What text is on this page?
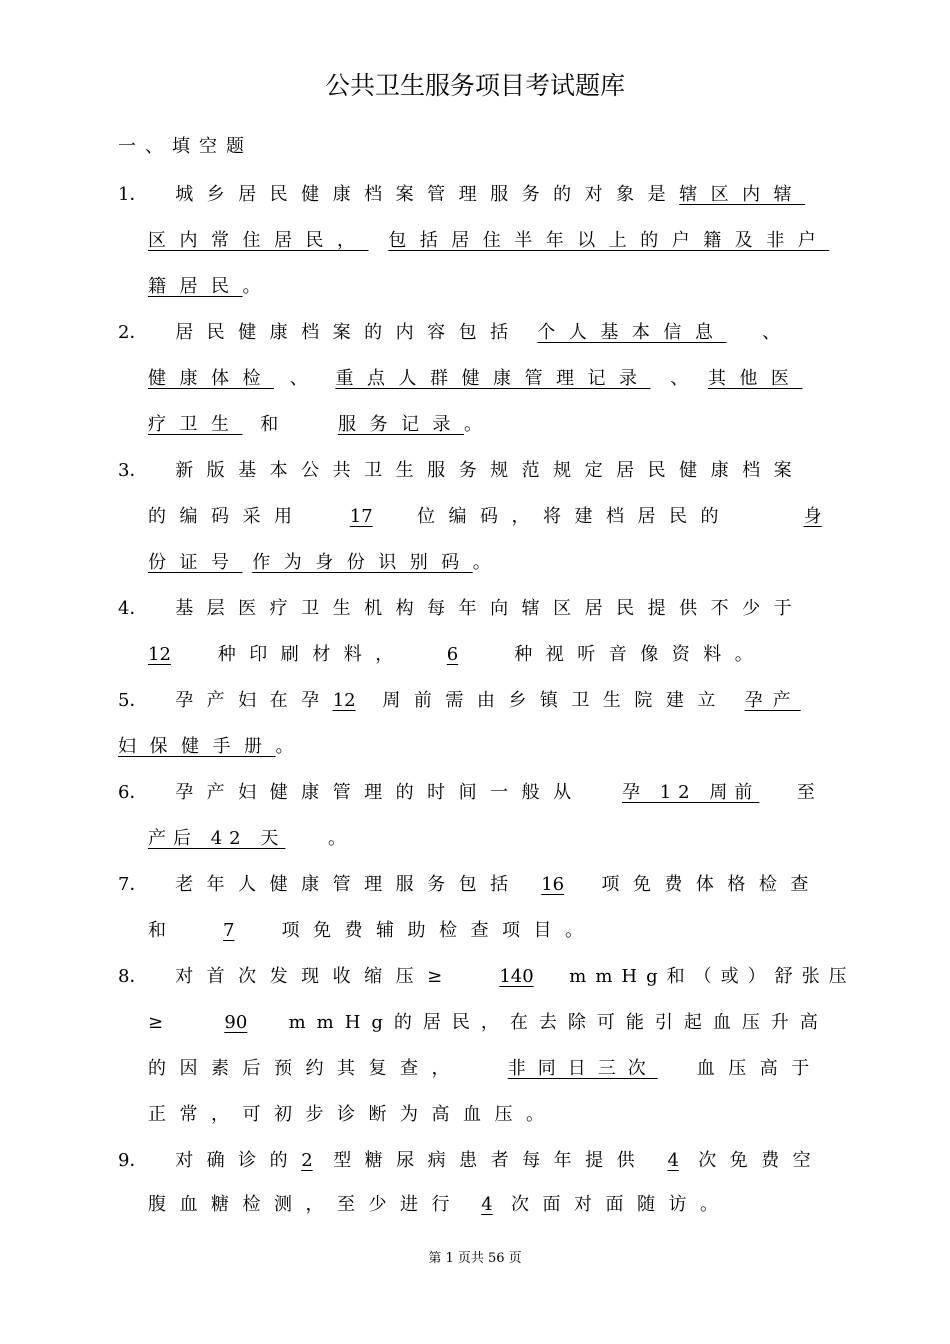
公共卫生服务项目考试题库
一、填空题
1． 城乡居民健康档案管理服务的对象是辖区内辖
区内常住居民， 包括居住半年以上的户籍及非户
籍居民。
2． 居民健康档案的内容包括 个人基本信息 、
健康体检 、 重点人群健康管理记录 、 其他医
疗卫生 和	服务记录。
3． 新版基本公共卫生服务规范规定居民健康档案
的编码采用 17 位编码，将建档居民的	身
份证号 作为身份识别码。
4． 基层医疗卫生机构每年向辖区居民提供不少于
12	种印刷材料， 6	种视听音像资料。
5． 孕产妇在孕12 周前需由乡镇卫生院建立 孕产
妇保健手册。
6． 孕产妇健康管理的时间一般从 孕 12 周前 至
产后 42 天 。
7． 老年人健康管理服务包括 16 项免费体格检查
和	7	项免费辅助检查项目。
8． 对首次发现收缩压≥ 140 mmHg和（或）舒张压
≥	90 mmHg的居民，在去除可能引起血压升高
的因素后预约其复查， 非同日三次 血压高于
正常，可初步诊断为高血压。
9． 对确诊的2 型糖尿病患者每年提供 4 次免费空
腹血糖检测，至少进行 4 次面对面随访。
第 1 页共 56 页
